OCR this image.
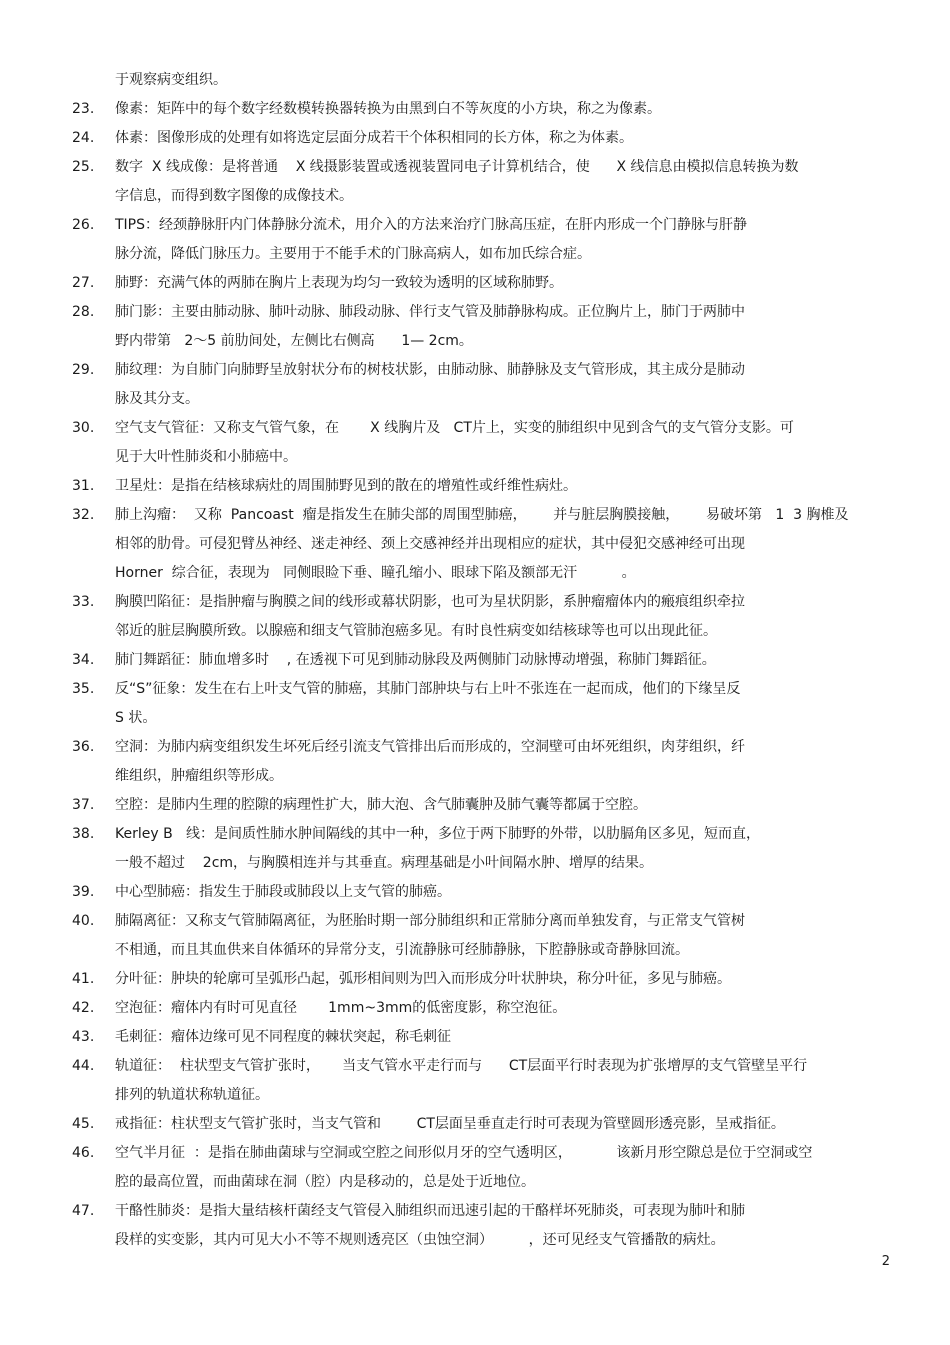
于观察病变组织。
23.	像素：矩阵中的每个数字经数模转换器转换为由黑到白不等灰度的小方块，称之为像素。
24.	体素：图像形成的处理有如将选定层面分成若干个体积相同的长方体，称之为体素。
25.	数字  X 线成像：是将普通    X 线摄影装置或透视装置同电子计算机结合，使      X 线信息由模拟信息转换为数
字信息，而得到数字图像的成像技术。
26.	TIPS：经颈静脉肝内门体静脉分流术，用介入的方法来治疗门脉高压症，在肝内形成一个门静脉与肝静
脉分流，降低门脉压力。主要用于不能手术的门脉高病人，如布加氏综合症。
27.	肺野：充满气体的两肺在胸片上表现为均匀一致较为透明的区域称肺野。
28.	肺门影：主要由肺动脉、肺叶动脉、肺段动脉、伴行支气管及肺静脉构成。正位胸片上，肺门于两肺中
野内带第   2～5 前肋间处，左侧比右侧高      1— 2cm。
29.	肺纹理：为自肺门向肺野呈放射状分布的树枝状影，由肺动脉、肺静脉及支气管形成，其主成分是肺动
脉及其分支。
30.	空气支气管征：又称支气管气象，在       X 线胸片及   CT片上，实变的肺组织中见到含气的支气管分支影。可
见于大叶性肺炎和小肺癌中。
31.	卫星灶：是指在结核球病灶的周围肺野见到的散在的增殖性或纤维性病灶。
32.	肺上沟瘤：  又称  Pancoast  瘤是指发生在肺尖部的周围型肺癌，      并与脏层胸膜接触，      易破坏第   1  3 胸椎及
相邻的肋骨。可侵犯臂丛神经、迷走神经、颈上交感神经并出现相应的症状，其中侵犯交感神经可出现
Horner  综合征，表现为   同侧眼睑下垂、瞳孔缩小、眼球下陷及额部无汗          。
33.	胸膜凹陷征：是指肿瘤与胸膜之间的线形或幕状阴影，也可为星状阴影，系肿瘤瘤体内的瘢痕组织牵拉
邻近的脏层胸膜所致。以腺癌和细支气管肺泡癌多见。有时良性病变如结核球等也可以出现此征。
34.	肺门舞蹈征：肺血增多时    , 在透视下可见到肺动脉段及两侧肺门动脉博动增强，称肺门舞蹈征。
35.	反“S”征象：发生在右上叶支气管的肺癌，其肺门部肿块与右上叶不张连在一起而成，他们的下缘呈反
S 状。
36.	空洞：为肺内病变组织发生坏死后经引流支气管排出后而形成的，空洞壁可由坏死组织，肉芽组织，纤
维组织，肿瘤组织等形成。
37.	空腔：是肺内生理的腔隙的病理性扩大，肺大泡、含气肺囊肿及肺气囊等都属于空腔。
38.	Kerley B   线：是间质性肺水肿间隔线的其中一种，多位于两下肺野的外带，以肋膈角区多见，短而直，
一般不超过    2cm，与胸膜相连并与其垂直。病理基础是小叶间隔水肿、增厚的结果。
39.	中心型肺癌：指发生于肺段或肺段以上支气管的肺癌。
40.	肺隔离征：又称支气管肺隔离征，为胚胎时期一部分肺组织和正常肺分离而单独发育，与正常支气管树
不相通，而且其血供来自体循环的异常分支，引流静脉可经肺静脉，下腔静脉或奇静脉回流。
41.	分叶征：肿块的轮廓可呈弧形凸起，弧形相间则为凹入而形成分叶状肿块，称分叶征，多见与肺癌。
42.	空泡征：瘤体内有时可见直径       1mm~3mm的低密度影，称空泡征。
43.	毛刺征：瘤体边缘可见不同程度的棘状突起，称毛刺征
44.	轨道征：  柱状型支气管扩张时，     当支气管水平走行而与      CT层面平行时表现为扩张增厚的支气管壁呈平行
排列的轨道状称轨道征。
45.	戒指征：柱状型支气管扩张时，当支气管和        CT层面呈垂直走行时可表现为管壁圆形透亮影，呈戒指征。
46.	空气半月征  ：是指在肺曲菌球与空洞或空腔之间形似月牙的空气透明区，          该新月形空隙总是位于空洞或空
腔的最高位置，而曲菌球在洞（腔）内是移动的，总是处于近地位。
47.	干酪性肺炎：是指大量结核杆菌经支气管侵入肺组织而迅速引起的干酪样坏死肺炎，可表现为肺叶和肺
段样的实变影，其内可见大小不等不规则透亮区（虫蚀空洞）        ，还可见经支气管播散的病灶。
2
